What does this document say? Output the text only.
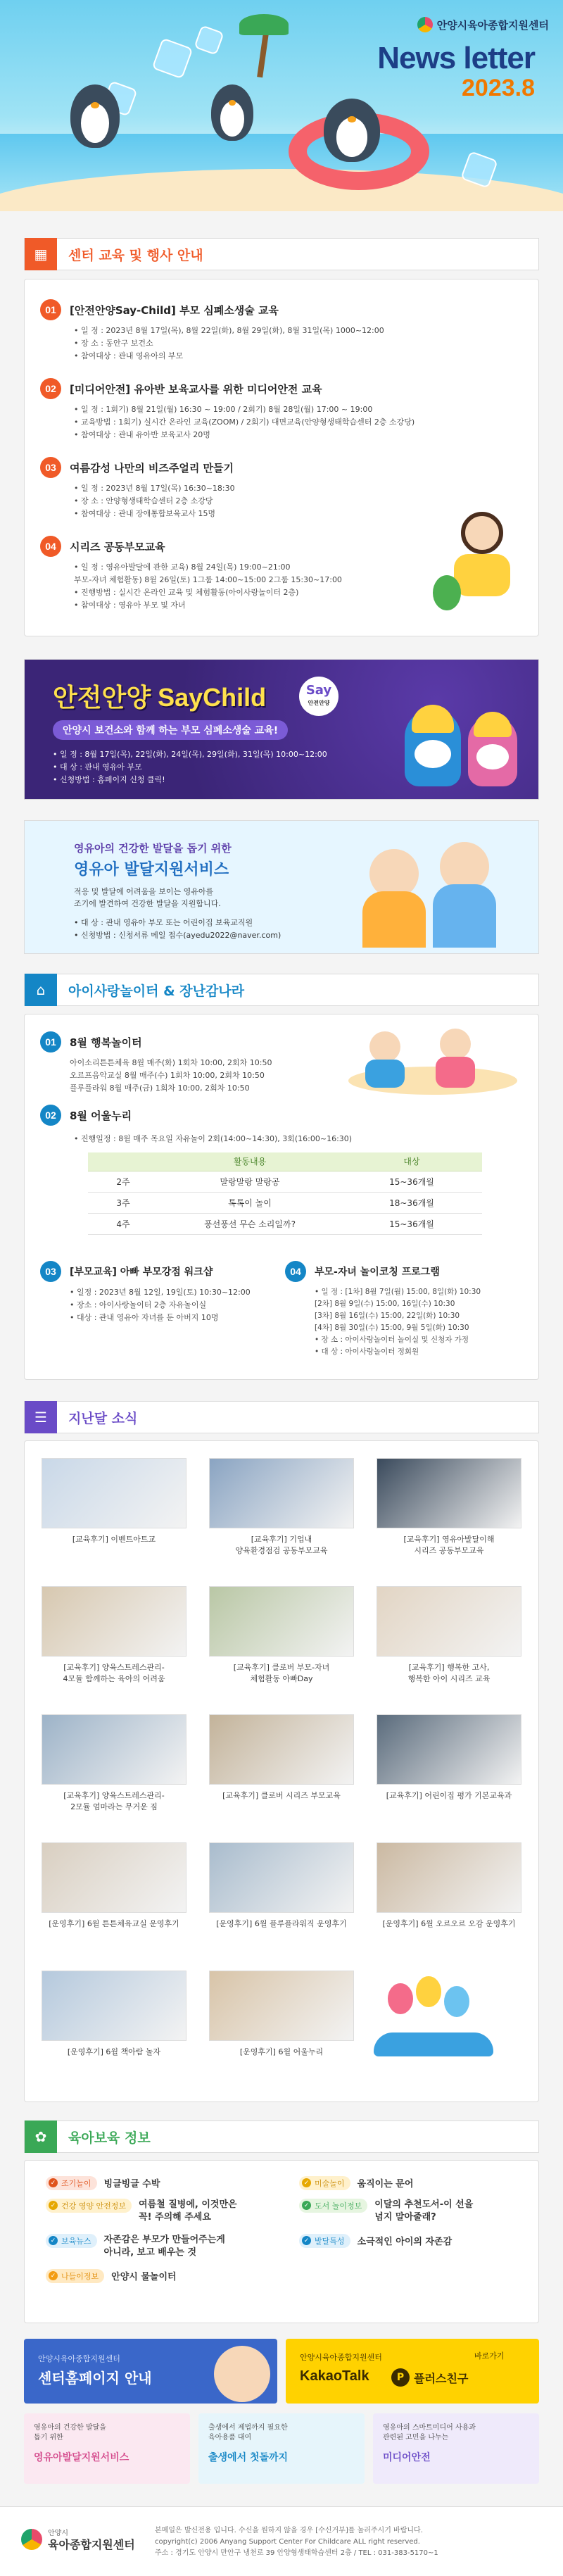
안양시육아종합지원센터
News letter
2023.8
▦	센터 교육 및 행사 안내
01	[안전안양Say-Child] 부모 심폐소생술 교육
• 일 정 : 2023년 8월 17일(목), 8월 22일(화), 8월 29일(화), 8월 31일(목) 1000~12:00
• 장 소 : 동안구 보건소
• 참여대상 : 관내 영유아의 부모
02	[미디어안전] 유아반 보육교사를 위한 미디어안전 교육
• 일 정 : 1회기) 8월 21일(월) 16:30 ~ 19:00 / 2회기) 8월 28일(월) 17:00 ~ 19:00
• 교육방법 : 1회기) 실시간 온라인 교육(ZOOM) / 2회기) 대면교육(안양형생태학습센터 2층 소강당)
• 참여대상 : 관내 유아반 보육교사 20명
03	여름감성 나만의 비즈주얼리 만들기
• 일 정 : 2023년 8월 17일(목) 16:30~18:30
• 장 소 : 안양형생태학습센터 2층 소강당
• 참여대상 : 관내 장애통합보육교사 15명
04	시리즈 공동부모교육
• 일 정 : 영유아발달에 관한 교육) 8월 24일(목) 19:00~21:00
부모-자녀 체험활동) 8월 26일(토) 1그룹 14:00~15:00 2그룹 15:30~17:00
• 진행방법 : 실시간 온라인 교육 및 체험활동(아이사랑놀이터 2층)
• 참여대상 : 영유아 부모 및 자녀
안전안양 SayChild	Say
안전안양
안양시 보건소와 함께 하는 부모 심폐소생술 교육!
• 일 정 : 8월 17일(목), 22일(화), 24일(목), 29일(화), 31일(목) 10:00~12:00
• 대 상 : 관내 영유아 부모
• 신청방법 : 홈페이지 신청 클릭!
영유아의 건강한 발달을 돕기 위한
영유아 발달지원서비스
적응 및 발달에 어려움을 보이는 영유아를
조기에 발견하여 건강한 발달을 지원합니다.
• 대 상 : 관내 영유아 부모 또는 어린이집 보육교직원
• 신청방법 : 신청서류 메일 접수(ayedu2022@naver.com)
⌂	아이사랑놀이터 & 장난감나라
01	8월 행복놀이터
아이소리튼튼체육 8월 매주(화) 1회차 10:00, 2회차 10:50
오르프음악교실 8월 매주(수) 1회차 10:00, 2회차 10:50
플루플라워 8월 매주(금) 1회차 10:00, 2회차 10:50
02	8월 어울누리
• 진행일정 : 8월 매주 목요일 자유놀이 2회(14:00~14:30), 3회(16:00~16:30)
	활동내용	대상
2주	말랑말랑 말랑공	15~36개월
3주	톡톡이 놀이	18~36개월
4주	풍선풍선 무슨 소리일까?	15~36개월
03	[부모교육] 아빠 부모강점 워크샵
• 일정 : 2023년 8월 12일, 19일(토) 10:30~12:00
• 장소 : 아이사랑놀이터 2층 자유놀이실
• 대상 : 관내 영유아 자녀를 둔 아버지 10명
04	부모-자녀 놀이코칭 프로그램
• 일 정 : [1차] 8월 7일(월) 15:00, 8일(화) 10:30
[2차] 8월 9일(수) 15:00, 16일(수) 10:30
[3차] 8월 16일(수) 15:00, 22일(화) 10:30
[4차] 8월 30일(수) 15:00, 9월 5일(화) 10:30
• 장 소 : 아이사랑놀이터 놀이실 및 신청자 가정
• 대 상 : 아이사랑놀이터 정회원
☰	지난달 소식
[교육후기] 이벤트아트교	[교육후기] 기업내
양육환경점검 공동부모교육
[교육후기] 영유아발달이해
시리즈 공동부모교육
[교육후기] 양육스트레스관리-
4모듈 함께하는 육아의 어려움
[교육후기] 클로버 부모-자녀
체험활동 아빠Day
[교육후기] 행복한 고사,
행복한 아이 시리즈 교육
[교육후기] 양육스트레스관리-
2모듈 엄마라는 무거운 짐
[교육후기] 클로버 시리즈 부모교육	[교육후기] 어린이집 평가 기본교육과
[운영후기] 6월 튼튼체육교실 운영후기	[운영후기] 6월 플루플라워직 운영후기	[운영후기] 6월 오르오르 오감 운영후기
[운영후기] 6월 책아람 놀자	[운영후기] 6월 어울누리
✿	육아보육 정보
✓ 조기놀이	빙글빙글 수박
✓ 건강 영양 안전정보	여름철 질병에, 이것만은
꼭! 주의해 주세요
✓ 보육뉴스	자존감은 부모가 만들어주는게
아니라, 보고 배우는 것
✓ 나들이정보	안양시 물놀이터
✓ 미술놀이	움직이는 문어
✓ 도서 놀이정보	이달의 추천도서-이 선을
넘지 말아줄래?
✓ 발달특성	소극적인 아이의 자존감
안양시육아종합지원센터
센터홈페이지 안내
안양시육아종합지원센터
KakaoTalk	P 플러스친구
바로가기
영유아의 건강한 발달을
돕기 위한
영유아발달지원서비스
출생에서 제법까지 필요한
육아용품 대여
출생에서 첫돌까지
영유아의 스마트미디어 사용과
관련된 고민을 나누는
미디어안전
안양시
육아종합지원센터
본메일은 발신전용 입니다. 수신을 원하지 않을 경우 [수신거부]를 눌러주시기 바랍니다.
copyright(c) 2006 Anyang Support Center For Childcare ALL right reserved.
주소 : 경기도 안양시 만안구 냉천로 39 안양형생태학습센터 2층 / TEL : 031-383-5170~1
